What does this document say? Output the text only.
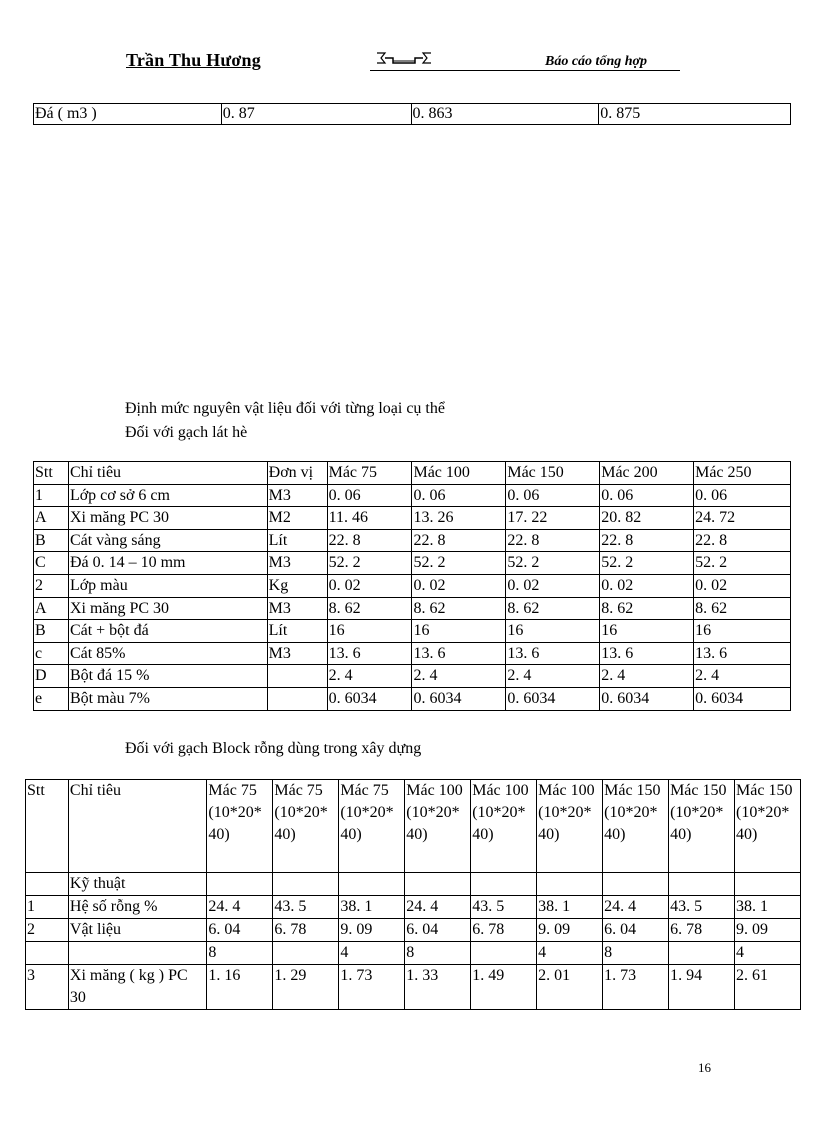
Trần Thu Hương	Báo cáo tổng hợp
Đá ( m3 )	0. 87	0. 863	0. 875
Định mức nguyên vật liệu đối với từng loại cụ thể
Đối với gạch lát hè
Stt	Chỉ tiêu	Đơn vị	Mác 75	Mác 100	Mác 150	Mác 200	Mác 250
1	Lớp cơ sở 6 cm	M3	0. 06	0. 06	0. 06	0. 06	0. 06
A	Xi măng PC 30	M2	11. 46	13. 26	17. 22	20. 82	24. 72
B	Cát vàng sáng	Lít	22. 8	22. 8	22. 8	22. 8	22. 8
C	Đá 0. 14 – 10 mm	M3	52. 2	52. 2	52. 2	52. 2	52. 2
2	Lớp màu	Kg	0. 02	0. 02	0. 02	0. 02	0. 02
A	Xi măng PC 30	M3	8. 62	8. 62	8. 62	8. 62	8. 62
B	Cát + bột đá	Lít	16	16	16	16	16
c	Cát 85%	M3	13. 6	13. 6	13. 6	13. 6	13. 6
D	Bột đá 15 %		2. 4	2. 4	2. 4	2. 4	2. 4
e	Bột màu 7%		0. 6034	0. 6034	0. 6034	0. 6034	0. 6034
Đối với gạch Block rỗng dùng trong xây dựng
Stt	Chỉ tiêu	Mác 75 (10*20* 40)	Mác 75 (10*20* 40)	Mác 75 (10*20* 40)	Mác 100 (10*20* 40)	Mác 100 (10*20* 40)	Mác 100 (10*20* 40)	Mác 150 (10*20* 40)	Mác 150 (10*20* 40)	Mác 150 (10*20* 40)
	Kỹ thuật									
1	Hệ số rỗng %	24. 4	43. 5	38. 1	24. 4	43. 5	38. 1	24. 4	43. 5	38. 1
2	Vật liệu	6. 04	6. 78	9. 09	6. 04	6. 78	9. 09	6. 04	6. 78	9. 09
		8		4	8		4	8		4
3	Xi măng ( kg ) PC 30	1. 16	1. 29	1. 73	1. 33	1. 49	2. 01	1. 73	1. 94	2. 61
16
